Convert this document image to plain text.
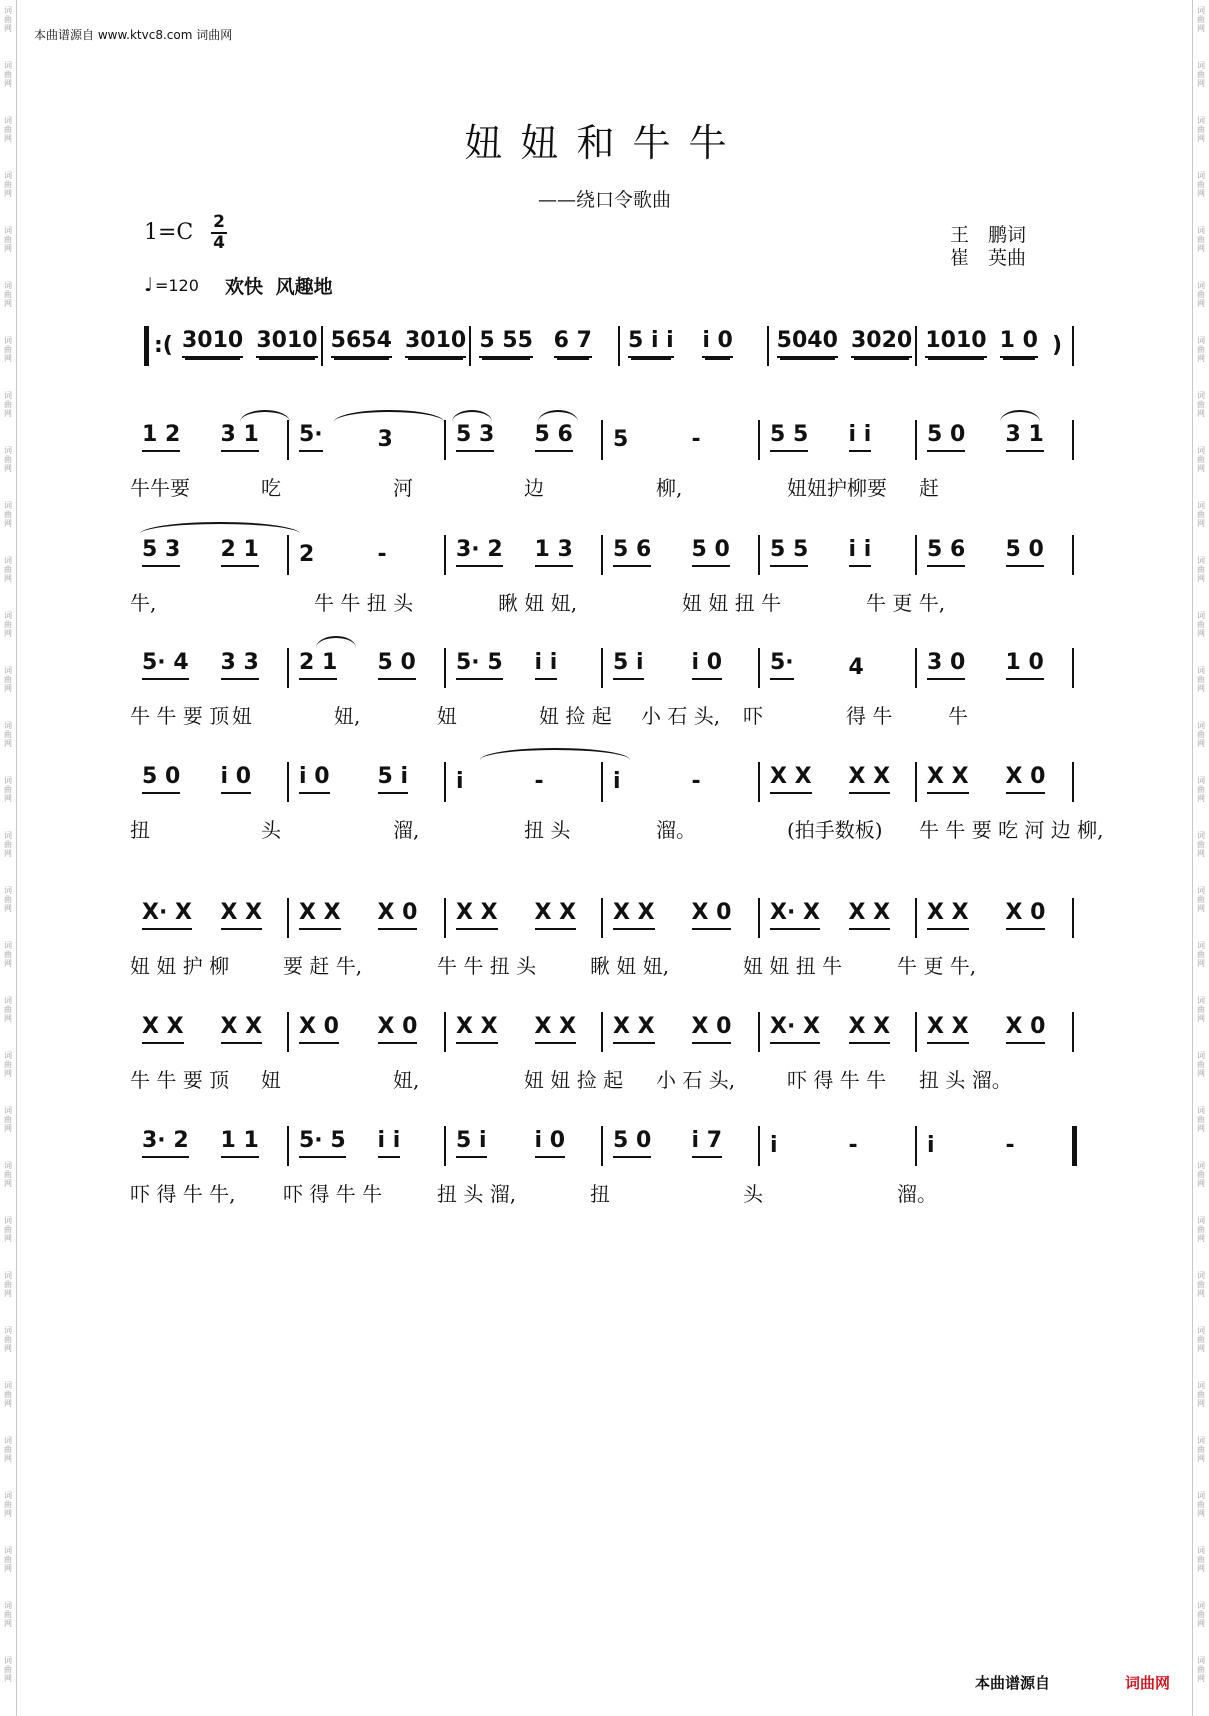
词
曲
网
词
曲
网
词
曲
网
词
曲
网
词
曲
网
词
曲
网
词
曲
网
词
曲
网
词
曲
网
词
曲
网
词
曲
网
词
曲
网
词
曲
网
词
曲
网
词
曲
网
词
曲
网
词
曲
网
词
曲
网
词
曲
网
词
曲
网
词
曲
网
词
曲
网
词
曲
网
词
曲
网
词
曲
网
词
曲
网
词
曲
网
词
曲
网
词
曲
网
词
曲
网
词
曲
网
词
曲
网
词
曲
网
词
曲
网
词
曲
网
词
曲
网
词
曲
网
词
曲
网
词
曲
网
词
曲
网
词
曲
网
词
曲
网
词
曲
网
词
曲
网
词
曲
网
词
曲
网
词
曲
网
词
曲
网
词
曲
网
词
曲
网
词
曲
网
词
曲
网
词
曲
网
词
曲
网
词
曲
网
词
曲
网
词
曲
网
词
曲
网
词
曲
网
词
曲
网
词
曲
网
词
曲
网
本曲谱源自 www.ktvc8.com 词曲网
妞妞和牛牛
——绕口令歌曲
1=C 2
4	王　鹏词
崔　英曲
♩ =120 欢快 风趣地
:( 3010 3010 5654 3010 5 55 6 7 5 i i i 0 5040 3020 1010 1 0 )
1 2 3 1 5· 3	5 3 5 6 5	-	5 5 i i	5 0 3 1
牛牛要	吃	河	边	柳,	妞妞护柳要 赶
5 3 2 1 2	-	3· 2 1 3 5 6 5 0 5 5 i i	5 6 5 0
牛,	牛 牛 扭 头	瞅 妞 妞,	妞 妞 扭 牛	牛 更 牛,
5· 4 3 3 2 1 5 0 5· 5 i i	5 i i 0 5· 4	3 0 1 0
牛 牛 要 顶 妞	妞,	妞	妞 捡 起 小 石 头, 吓	得 牛	牛
5 0 i 0 i 0 5 i i	-	i	-	X X X X X X X 0
扭	头	溜,	扭 头	溜。	(拍手数板) 牛 牛 要 吃 河 边 柳,
X· X X X X X X 0 X X X X X X X 0 X· X X X X X X 0
妞 妞 护 柳	要 赶 牛,	牛 牛 扭 头	瞅 妞 妞,	妞 妞 扭 牛	牛 更 牛,
X X X X X 0 X 0 X X X X X X X 0 X· X X X X X X 0
牛 牛 要 顶 妞	妞,	妞 妞 捡 起 小 石 头,	吓 得 牛 牛 扭 头 溜。
3· 2 1 1 5· 5 i i	5 i i 0 5 0 i 7 i	-	i	-
吓 得 牛 牛, 吓 得 牛 牛	扭 头 溜,	扭	头	溜。
本曲谱源自	词曲网
